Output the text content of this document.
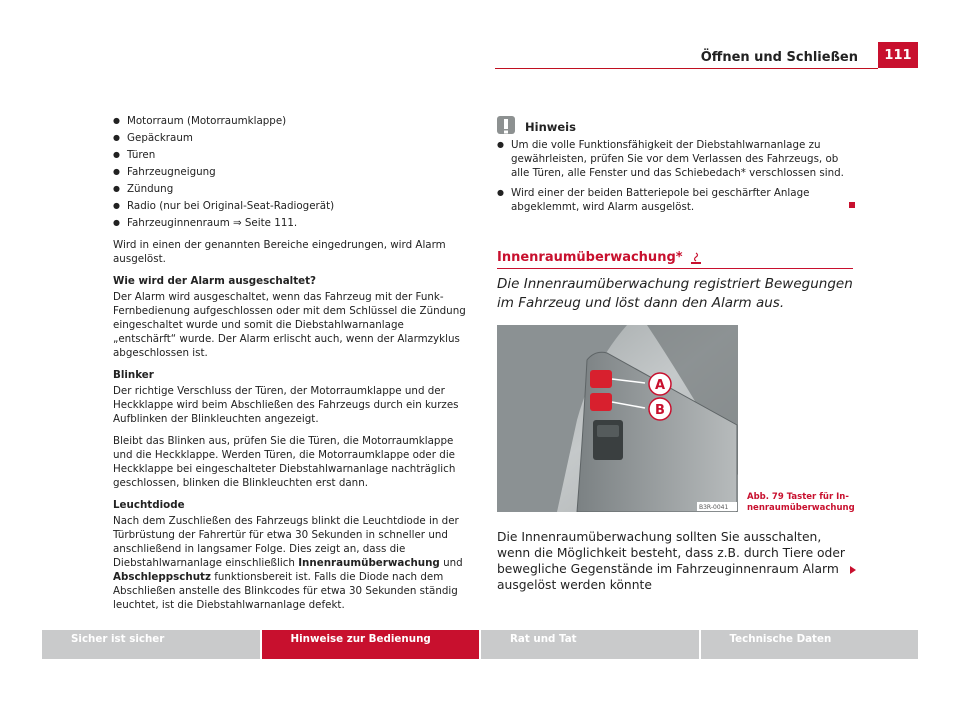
Öffnen und Schließen	111
● Motorraum (Motorraumklappe)
● Gepäckraum
● Türen
● Fahrzeugneigung
● Zündung
● Radio (nur bei Original-Seat-Radiogerät)
● Fahrzeuginnenraum ⇒ Seite 111.

Wird in einen der genannten Bereiche eingedrungen, wird Alarm ausgelöst.

Wie wird der Alarm ausgeschaltet?

Der Alarm wird ausgeschaltet, wenn das Fahrzeug mit der Funk-Fernbedienung aufgeschlossen oder mit dem Schlüssel die Zündung eingeschaltet wurde und somit die Diebstahlwarnanlage „entschärft“ wurde. Der Alarm erlischt auch, wenn der Alarmzyklus abgeschlossen ist.

Blinker

Der richtige Verschluss der Türen, der Motorraumklappe und der Heckklappe wird beim Abschließen des Fahrzeugs durch ein kurzes Aufblinken der Blinkleuchten angezeigt.

Bleibt das Blinken aus, prüfen Sie die Türen, die Motorraumklappe und die Heckklappe. Werden Türen, die Motorraumklappe oder die Heckklappe bei eingeschalteter Diebstahlwarnanlage nachträglich geschlossen, blinken die Blinkleuchten erst dann.

Leuchtdiode

Nach dem Zuschließen des Fahrzeugs blinkt die Leuchtdiode in der Türbrüstung der Fahrertür für etwa 30 Sekunden in schneller und anschließend in langsamer Folge. Dies zeigt an, dass die Diebstahlwarnanlage einschließlich Innenraumüberwachung und Abschleppschutz funktionsbereit ist. Falls die Diode nach dem Abschließen anstelle des Blinkcodes für etwa 30 Sekunden ständig leuchtet, ist die Diebstahlwarnanlage defekt.

Hinweis
● Um die volle Funktionsfähigkeit der Diebstahlwarnanlage zu gewährleisten, prüfen Sie vor dem Verlassen des Fahrzeugs, ob alle Türen, alle Fenster und das Schiebedach* verschlossen sind.
● Wird einer der beiden Batteriepole bei geschärfter Anlage abgeklemmt, wird Alarm ausgelöst.
Innenraumüberwachung*
Die Innenraumüberwachung registriert Bewegungen im Fahrzeug und löst dann den Alarm aus.
A
B
B3R-0041
Abb. 79 Taster für In-
nenraumüberwachung
Die Innenraumüberwachung sollten Sie ausschalten, wenn die Möglichkeit besteht, dass z.B. durch Tiere oder bewegliche Gegenstände im Fahrzeuginnenraum Alarm ausgelöst werden könnte
Sicher ist sicher	Hinweise zur Bedienung	Rat und Tat	Technische Daten
